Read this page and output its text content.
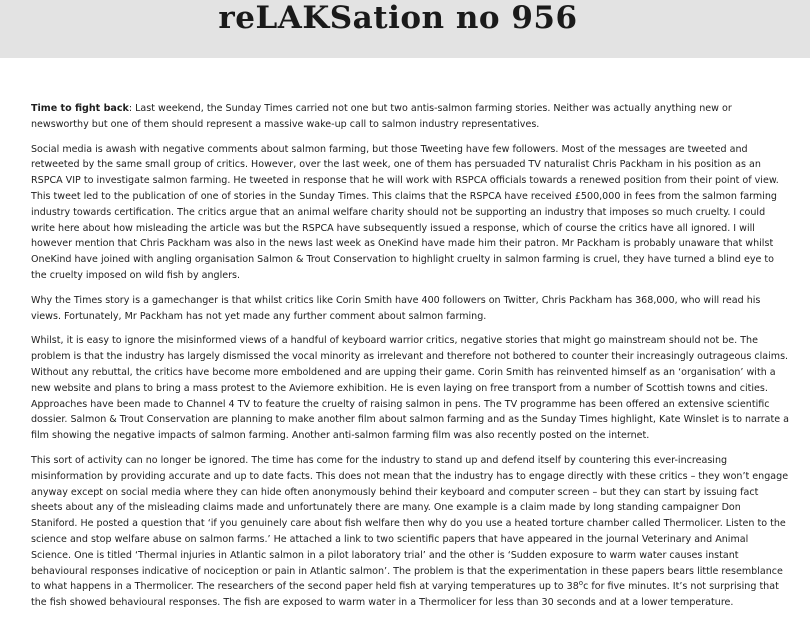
reLAKSation no 956

Time to fight back: Last weekend, the Sunday Times carried not one but two antis-salmon farming stories. Neither was actually anything new or newsworthy but one of them should represent a massive wake-up call to salmon industry representatives.

Social media is awash with negative comments about salmon farming, but those Tweeting have few followers. Most of the messages are tweeted and retweeted by the same small group of critics. However, over the last week, one of them has persuaded TV naturalist Chris Packham in his position as an RSPCA VIP to investigate salmon farming. He tweeted in response that he will work with RSPCA officials towards a renewed position from their point of view. This tweet led to the publication of one of stories in the Sunday Times. This claims that the RSPCA have received £500,000 in fees from the salmon farming industry towards certification. The critics argue that an animal welfare charity should not be supporting an industry that imposes so much cruelty. I could write here about how misleading the article was but the RSPCA have subsequently issued a response, which of course the critics have all ignored. I will however mention that Chris Packham was also in the news last week as OneKind have made him their patron. Mr Packham is probably unaware that whilst OneKind have joined with angling organisation Salmon & Trout Conservation to highlight cruelty in salmon farming is cruel, they have turned a blind eye to the cruelty imposed on wild fish by anglers.

Why the Times story is a gamechanger is that whilst critics like Corin Smith have 400 followers on Twitter, Chris Packham has 368,000, who will read his views. Fortunately, Mr Packham has not yet made any further comment about salmon farming.

Whilst, it is easy to ignore the misinformed views of a handful of keyboard warrior critics, negative stories that might go mainstream should not be. The problem is that the industry has largely dismissed the vocal minority as irrelevant and therefore not bothered to counter their increasingly outrageous claims. Without any rebuttal, the critics have become more emboldened and are upping their game. Corin Smith has reinvented himself as an ‘organisation’ with a new website and plans to bring a mass protest to the Aviemore exhibition. He is even laying on free transport from a number of Scottish towns and cities. Approaches have been made to Channel 4 TV to feature the cruelty of raising salmon in pens. The TV programme has been offered an extensive scientific dossier. Salmon & Trout Conservation are planning to make another film about salmon farming and as the Sunday Times highlight, Kate Winslet is to narrate a film showing the negative impacts of salmon farming. Another anti-salmon farming film was also recently posted on the internet.

This sort of activity can no longer be ignored. The time has come for the industry to stand up and defend itself by countering this ever-increasing misinformation by providing accurate and up to date facts. This does not mean that the industry has to engage directly with these critics – they won’t engage anyway except on social media where they can hide often anonymously behind their keyboard and computer screen – but they can start by issuing fact sheets about any of the misleading claims made and unfortunately there are many. One example is a claim made by long standing campaigner Don Staniford. He posted a question that ‘if you genuinely care about fish welfare then why do you use a heated torture chamber called Thermolicer. Listen to the science and stop welfare abuse on salmon farms.’ He attached a link to two scientific papers that have appeared in the journal Veterinary and Animal Science. One is titled ‘Thermal injuries in Atlantic salmon in a pilot laboratory trial’ and the other is ‘Sudden exposure to warm water causes instant behavioural responses indicative of nociception or pain in Atlantic salmon’. The problem is that the experimentation in these papers bears little resemblance to what happens in a Thermolicer. The researchers of the second paper held fish at varying temperatures up to 38$^o$c for five minutes. It’s not surprising that the fish showed behavioural responses. The fish are exposed to warm water in a Thermolicer for less than 30 seconds and at a lower temperature.
